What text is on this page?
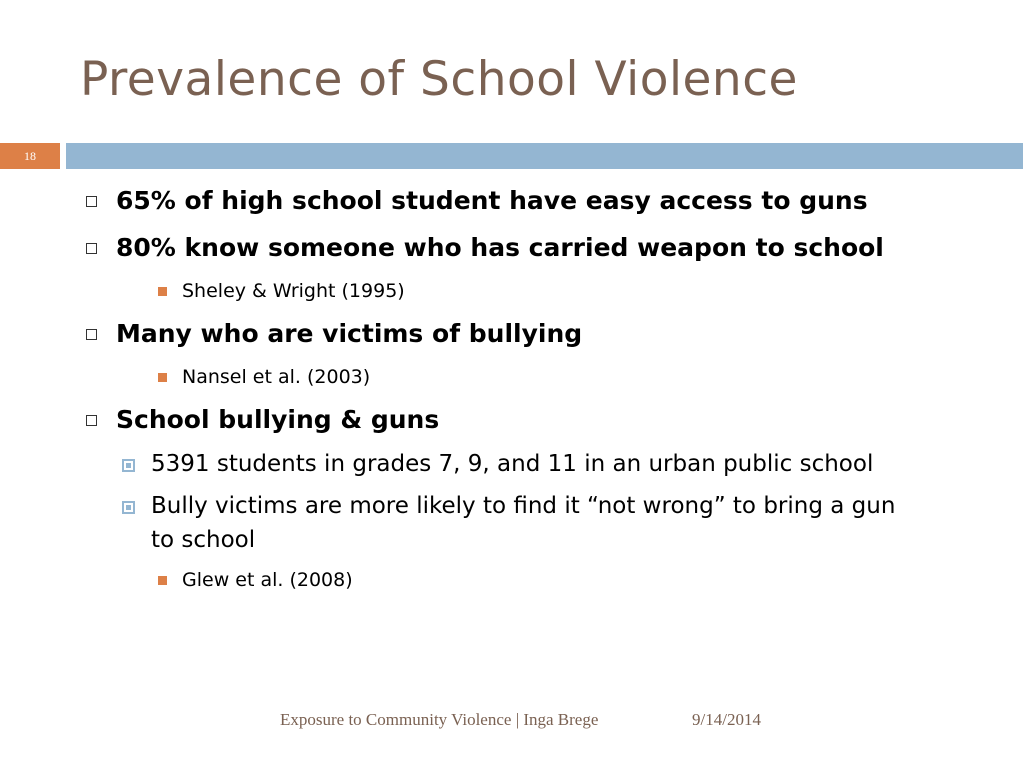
Prevalence of School Violence
18
65% of high school student have easy access to guns
80% know someone who has carried weapon to school
Sheley & Wright (1995)
Many who are victims of bullying
Nansel et al. (2003)
School bullying & guns
5391 students in grades 7, 9, and 11 in an urban public school
Bully victims are more likely to find it “not wrong” to bring a gun
to school
Glew et al. (2008)
Exposure to Community Violence | Inga Brege	9/14/2014
